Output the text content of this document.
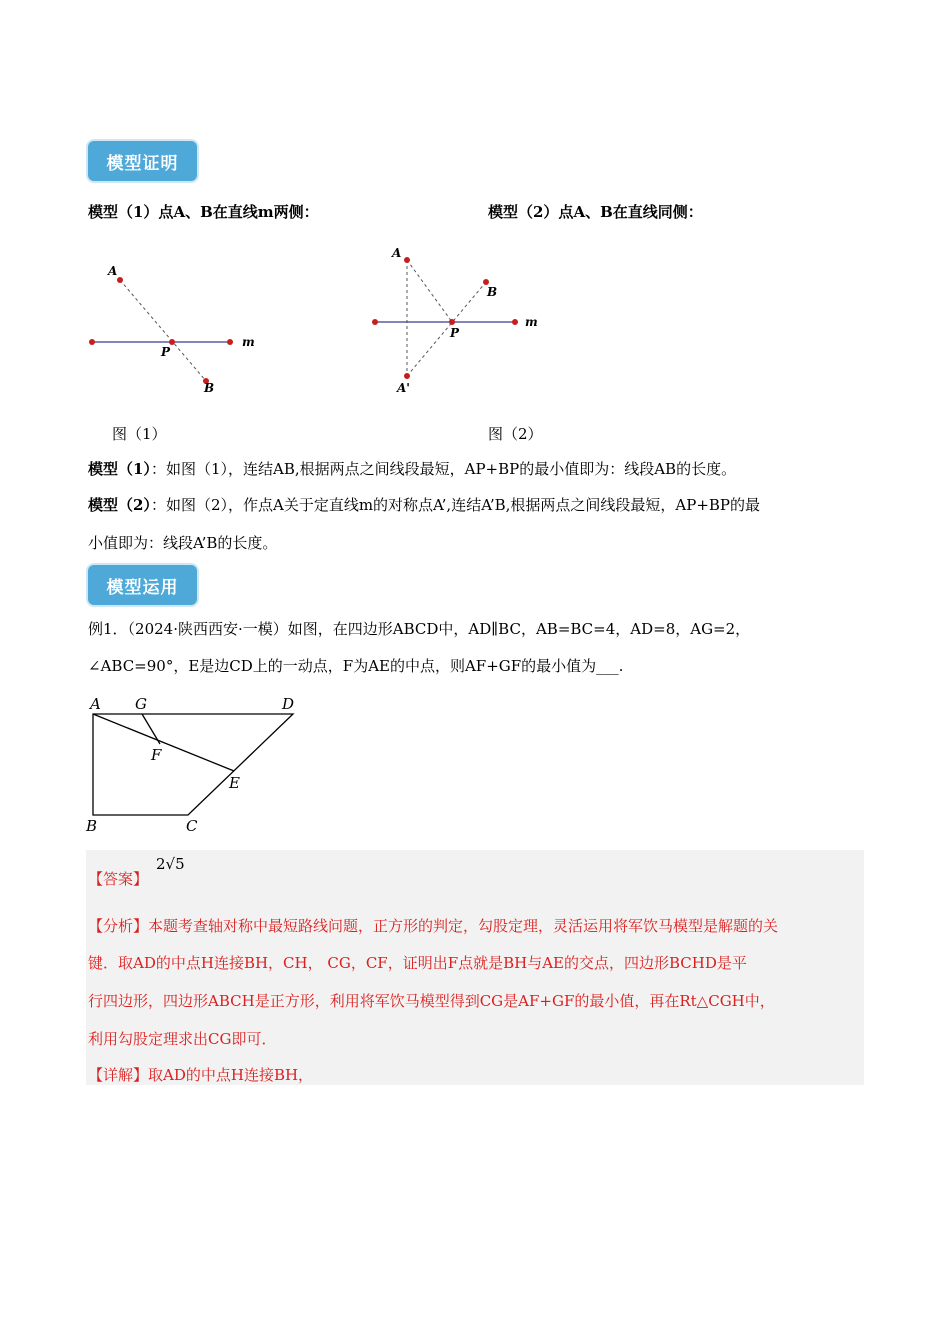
模型证明
模型（1）点A、B在直线m两侧：	模型（2）点A、B在直线同侧：
A
B
P
m
A
B
P
m
A'
图（1）	图（2）
模型（1）：如图（1），连结AB,根据两点之间线段最短，AP+BP的最小值即为：线段AB的长度。
模型（2）：如图（2），作点A关于定直线m的对称点A’,连结A’B,根据两点之间线段最短，AP+BP的最
小值即为：线段A’B的长度。
模型运用
例1．（2024·陕西西安·一模）如图，在四边形ABCD中，AD∥BC，AB=BC=4，AD=8，AG=2，
∠ABC=90°，E是边CD上的一动点，F为AE的中点，则AF+GF的最小值为___.
A G	D
F
E
B	C
【答案】
2√5
【分析】本题考查轴对称中最短路线问题，正方形的判定，勾股定理，灵活运用将军饮马模型是解题的关
键．取AD的中点H连接BH，CH， CG，CF，证明出F点就是BH与AE的交点，四边形BCHD是平
行四边形，四边形ABCH是正方形，利用将军饮马模型得到CG是AF+GF的最小值，再在Rt△CGH中，
利用勾股定理求出CG即可．
【详解】取AD的中点H连接BH，
